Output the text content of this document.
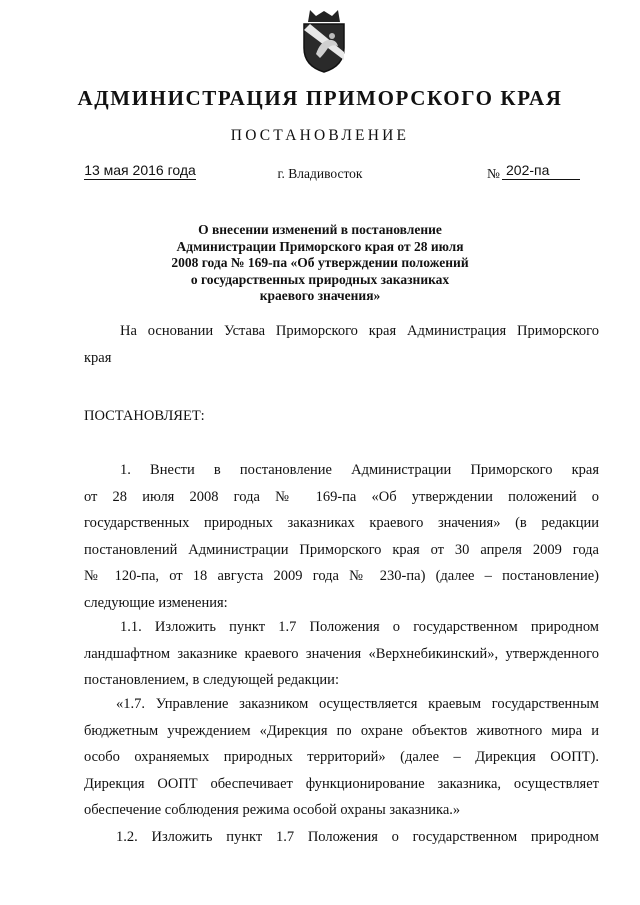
АДМИНИСТРАЦИЯ ПРИМОРСКОГО КРАЯ
ПОСТАНОВЛЕНИЕ
13 мая 2016 года	г. Владивосток	№ 202-па
О внесении изменений в постановление
Администрации Приморского края от 28 июля
2008 года № 169-па «Об утверждении положений
о государственных природных заказниках
краевого значения»
На основании Устава Приморского края Администрация Приморского
края
ПОСТАНОВЛЯЕТ:
1. Внести в постановление Администрации Приморского края
от 28 июля 2008 года № 169-па «Об утверждении положений о
государственных природных заказниках краевого значения» (в редакции
постановлений Администрации Приморского края от 30 апреля 2009 года
№ 120-па, от 18 августа 2009 года № 230-па) (далее – постановление)
следующие изменения:
1.1. Изложить пункт 1.7 Положения о государственном природном
ландшафтном заказнике краевого значения «Верхнебикинский», утвержденного
постановлением, в следующей редакции:
«1.7. Управление заказником осуществляется краевым государственным
бюджетным учреждением «Дирекция по охране объектов животного мира и
особо охраняемых природных территорий» (далее – Дирекция ООПТ).
Дирекция ООПТ обеспечивает функционирование заказника, осуществляет
обеспечение соблюдения режима особой охраны заказника.»
1.2. Изложить пункт 1.7 Положения о государственном природном
